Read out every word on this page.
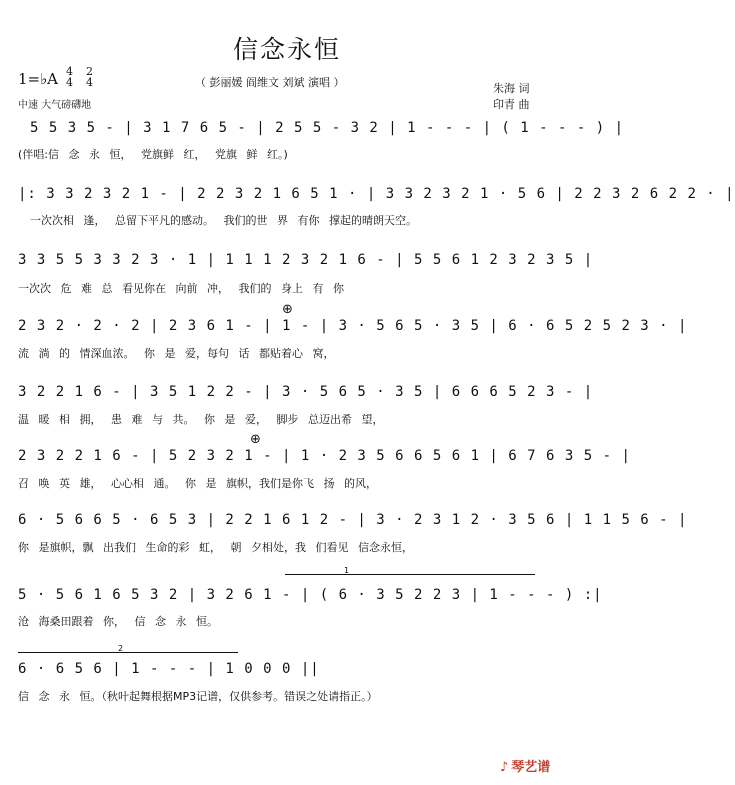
信念永恒
1=♭A 4
4
2
4
中速 大气磅礴地
（ 彭丽媛 阎维文 刘斌 演唱 ）	朱海 词
印青 曲
5 5 3 5 - | 3 1 7 6 5 - | 2 5 5 - 3 2 | 1 - - - | ( 1 - - - ) |
(伴唱:信 念 永 恒， 党旗鲜 红， 党旗 鲜 红。)
|: 3 3 2 3 2 1 - | 2 2 3 2 1 6 5 1 · | 3 3 2 3 2 1 · 5 6 | 2 2 3 2 6 2 2 · |
一次次相 逢， 总留下平凡的感动。 我们的世 界 有你 撑起的晴朗天空。
3 3 5 5 3 3 2 3 · 1 | 1 1 1 2 3 2 1 6 - | 5 5 6 1 2 3 2 3 5 |
一次次 危 难 总 看见你在 向前 冲， 我们的 身上 有 你
2 3 2 · 2 · 2 | 2 3 6 1 - | 1 - | 3 · 5 6 5 · 3 5 | 6 · 6 5 2 5 2 3 · |
流 淌 的 情深血浓。 你 是 爱，每句 话 都贴着心 窝，
3 2 2 1 6 - | 3 5 1 2 2 - | 3 · 5 6 5 · 3 5 | 6 6 6 5 2 3 - |
温 暖 相 拥， 患 难 与 共。 你 是 爱， 脚步 总迈出希 望，
2 3 2 2 1 6 - | 5 2 3 2 1 - | 1 · 2 3 5 6 6 5 6 1 | 6 7 6 3 5 - |
召 唤 英 雄， 心心相 通。 你 是 旗帜，我们是你飞 扬 的风，
6 · 5 6 6 5 · 6 5 3 | 2 2 1 6 1 2 - | 3 · 2 3 1 2 · 3 5 6 | 1 1 5 6 - |
你 是旗帜，飘 出我们 生命的彩 虹， 朝 夕相处，我 们看见 信念永恒，
5 · 5 6 1 6 5 3 2 | 3 2 6 1 - | ( 6 · 3 5 2 2 3 | 1 - - - ) :|
沧 海桑田跟着 你， 信 念 永 恒。
6 · 6 5 6 | 1 - - - | 1 0 0 0 ||
信 念 永 恒。（秋叶起舞根据MP3记谱，仅供参考。错误之处请指正。）
1
2
⊕
⊕
♪ 琴艺谱
